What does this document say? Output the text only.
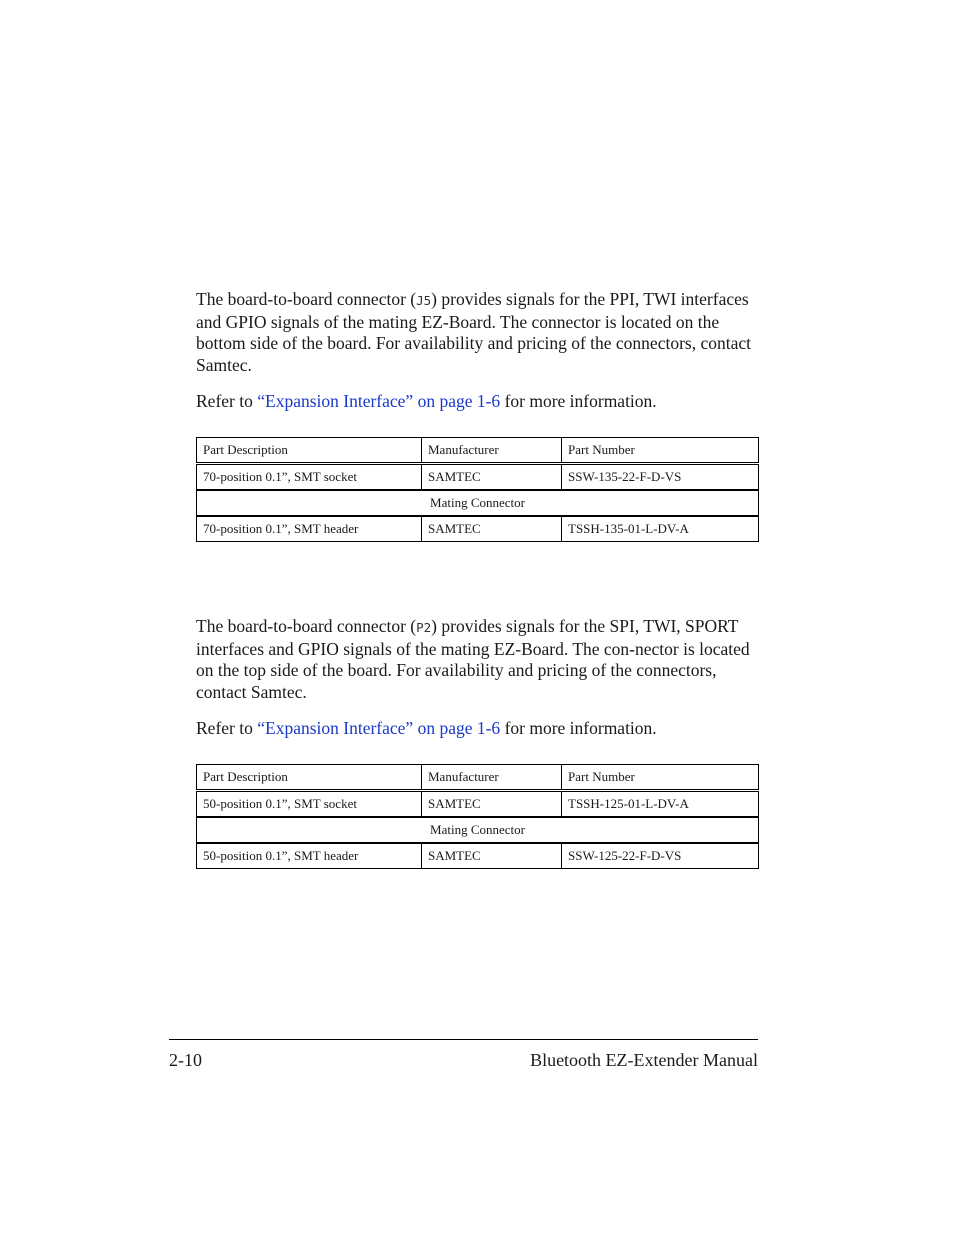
The board-to-board connector (J5) provides signals for the PPI, TWI interfaces and GPIO signals of the mating EZ-Board. The connector is located on the bottom side of the board. For availability and pricing of the connectors, contact Samtec.

Refer to “Expansion Interface” on page 1-6 for more information.

Part Description	Manufacturer	Part Number
70-position 0.1”, SMT socket	SAMTEC	SSW-135-22-F-D-VS
Mating Connector		
70-position 0.1”, SMT header	SAMTEC	TSSH-135-01-L-DV-A

The board-to-board connector (P2) provides signals for the SPI, TWI, SPORT interfaces and GPIO signals of the mating EZ-Board. The con-nector is located on the top side of the board. For availability and pricing of the connectors, contact Samtec.

Refer to “Expansion Interface” on page 1-6 for more information.

Part Description	Manufacturer	Part Number
50-position 0.1”, SMT socket	SAMTEC	TSSH-125-01-L-DV-A
Mating Connector		
50-position 0.1”, SMT header	SAMTEC	SSW-125-22-F-D-VS
2-10	Bluetooth EZ-Extender Manual
